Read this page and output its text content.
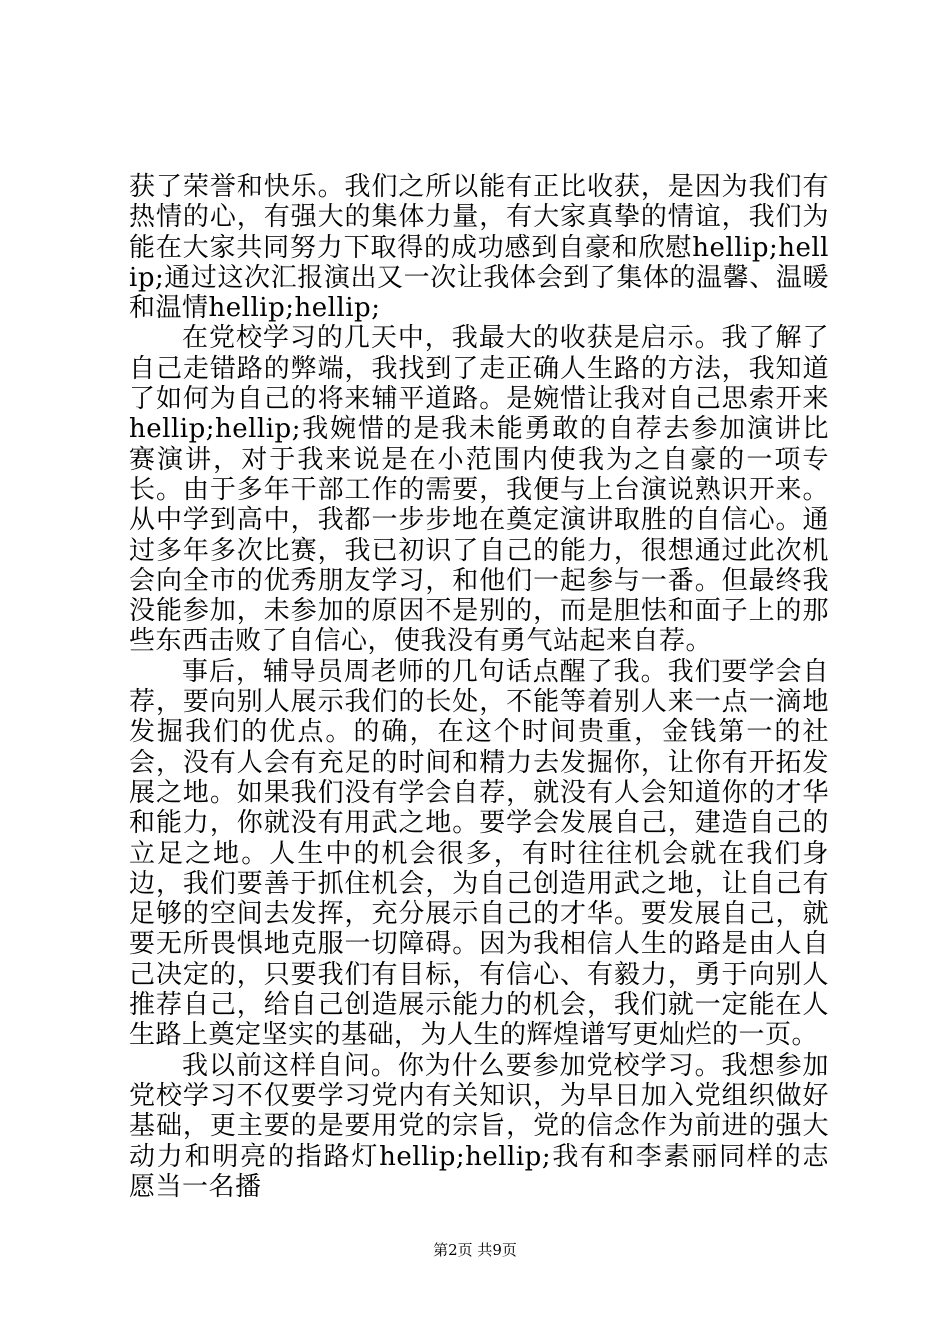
获了荣誉和快乐。我们之所以能有正比收获，是因为我们有热情的心，有强大的集体力量，有大家真挚的情谊，我们为能在大家共同努力下取得的成功感到自豪和欣慰hellip;hellip;通过这次汇报演出又一次让我体会到了集体的温馨、温暖和温情hellip;hellip;

在党校学习的几天中，我最大的收获是启示。我了解了自己走错路的弊端，我找到了走正确人生路的方法，我知道了如何为自己的将来辅平道路。是婉惜让我对自己思索开来hellip;hellip;我婉惜的是我未能勇敢的自荐去参加演讲比赛演讲，对于我来说是在小范围内使我为之自豪的一项专长。由于多年干部工作的需要，我便与上台演说熟识开来。从中学到高中，我都一步步地在奠定演讲取胜的自信心。通过多年多次比赛，我已初识了自己的能力，很想通过此次机会向全市的优秀朋友学习，和他们一起参与一番。但最终我没能参加，未参加的原因不是别的，而是胆怯和面子上的那些东西击败了自信心，使我没有勇气站起来自荐。

事后，辅导员周老师的几句话点醒了我。我们要学会自荐，要向别人展示我们的长处，不能等着别人来一点一滴地发掘我们的优点。的确，在这个时间贵重，金钱第一的社会，没有人会有充足的时间和精力去发掘你，让你有开拓发展之地。如果我们没有学会自荐，就没有人会知道你的才华和能力，你就没有用武之地。要学会发展自己，建造自己的立足之地。人生中的机会很多，有时往往机会就在我们身边，我们要善于抓住机会，为自己创造用武之地，让自己有足够的空间去发挥，充分展示自己的才华。要发展自己，就要无所畏惧地克服一切障碍。因为我相信人生的路是由人自己决定的，只要我们有目标，有信心、有毅力，勇于向别人推荐自己，给自己创造展示能力的机会，我们就一定能在人生路上奠定坚实的基础，为人生的辉煌谱写更灿烂的一页。

我以前这样自问。你为什么要参加党校学习。我想参加党校学习不仅要学习党内有关知识，为早日加入党组织做好基础，更主要的是要用党的宗旨，党的信念作为前进的强大动力和明亮的指路灯hellip;hellip;我有和李素丽同样的志愿当一名播

第2页 共9页
